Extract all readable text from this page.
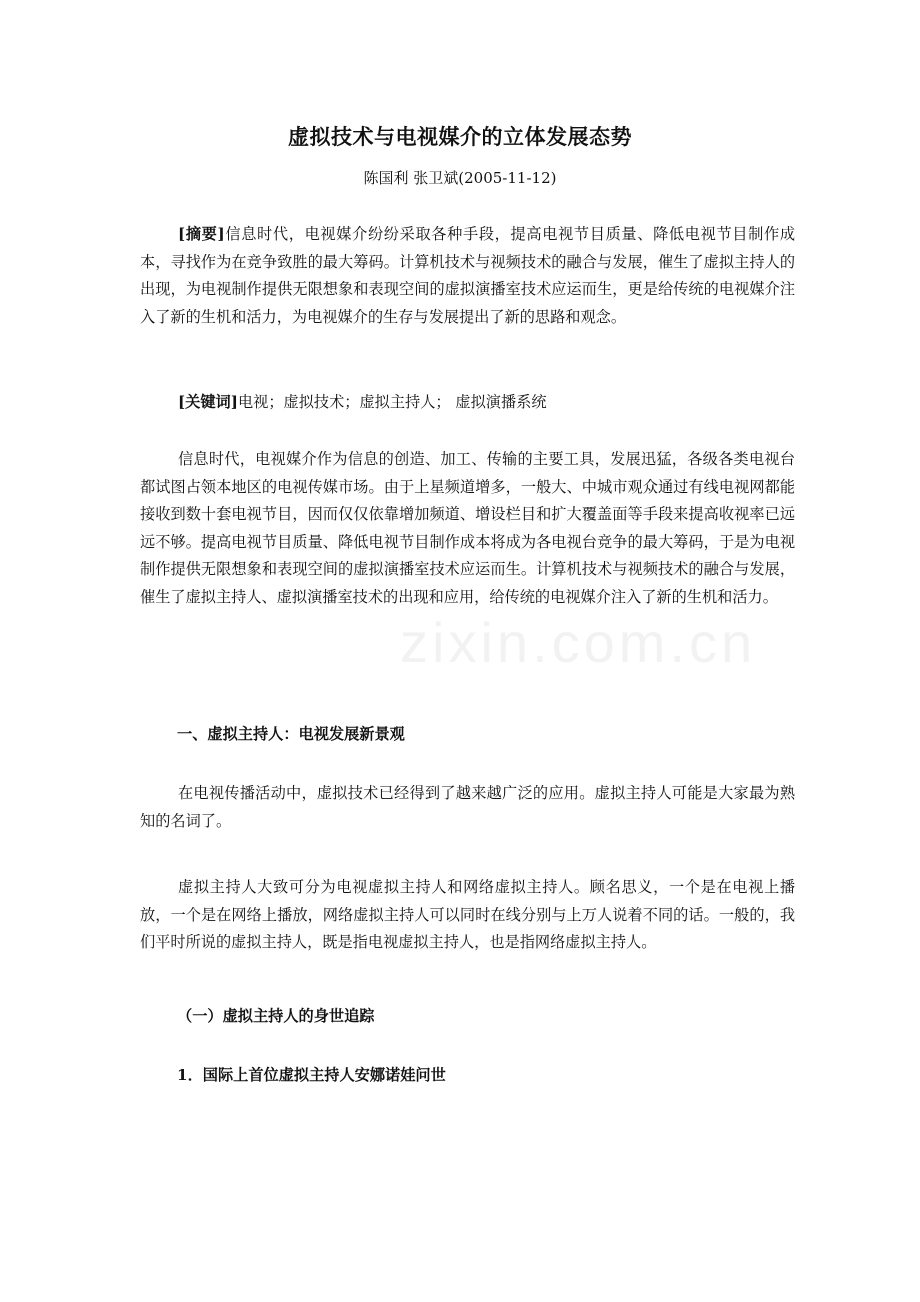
zixin.com.cn
虚拟技术与电视媒介的立体发展态势
陈国利 张卫斌(2005-11-12)

[摘要]信息时代，电视媒介纷纷采取各种手段，提高电视节目质量、降低电视节目制作成本，寻找作为在竞争致胜的最大筹码。计算机技术与视频技术的融合与发展，催生了虚拟主持人的出现，为电视制作提供无限想象和表现空间的虚拟演播室技术应运而生，更是给传统的电视媒介注入了新的生机和活力，为电视媒介的生存与发展提出了新的思路和观念。

[关键词]电视；虚拟技术；虚拟主持人； 虚拟演播系统

信息时代，电视媒介作为信息的创造、加工、传输的主要工具，发展迅猛，各级各类电视台都试图占领本地区的电视传媒市场。由于上星频道增多，一般大、中城市观众通过有线电视网都能接收到数十套电视节目，因而仅仅依靠增加频道、增设栏目和扩大覆盖面等手段来提高收视率已远远不够。提高电视节目质量、降低电视节目制作成本将成为各电视台竞争的最大筹码，于是为电视制作提供无限想象和表现空间的虚拟演播室技术应运而生。计算机技术与视频技术的融合与发展，催生了虚拟主持人、虚拟演播室技术的出现和应用，给传统的电视媒介注入了新的生机和活力。

一、虚拟主持人：电视发展新景观

在电视传播活动中，虚拟技术已经得到了越来越广泛的应用。虚拟主持人可能是大家最为熟知的名词了。

虚拟主持人大致可分为电视虚拟主持人和网络虚拟主持人。顾名思义，一个是在电视上播放，一个是在网络上播放，网络虚拟主持人可以同时在线分别与上万人说着不同的话。一般的，我们平时所说的虚拟主持人，既是指电视虚拟主持人，也是指网络虚拟主持人。

（一）虚拟主持人的身世追踪
1．国际上首位虚拟主持人安娜诺娃问世
